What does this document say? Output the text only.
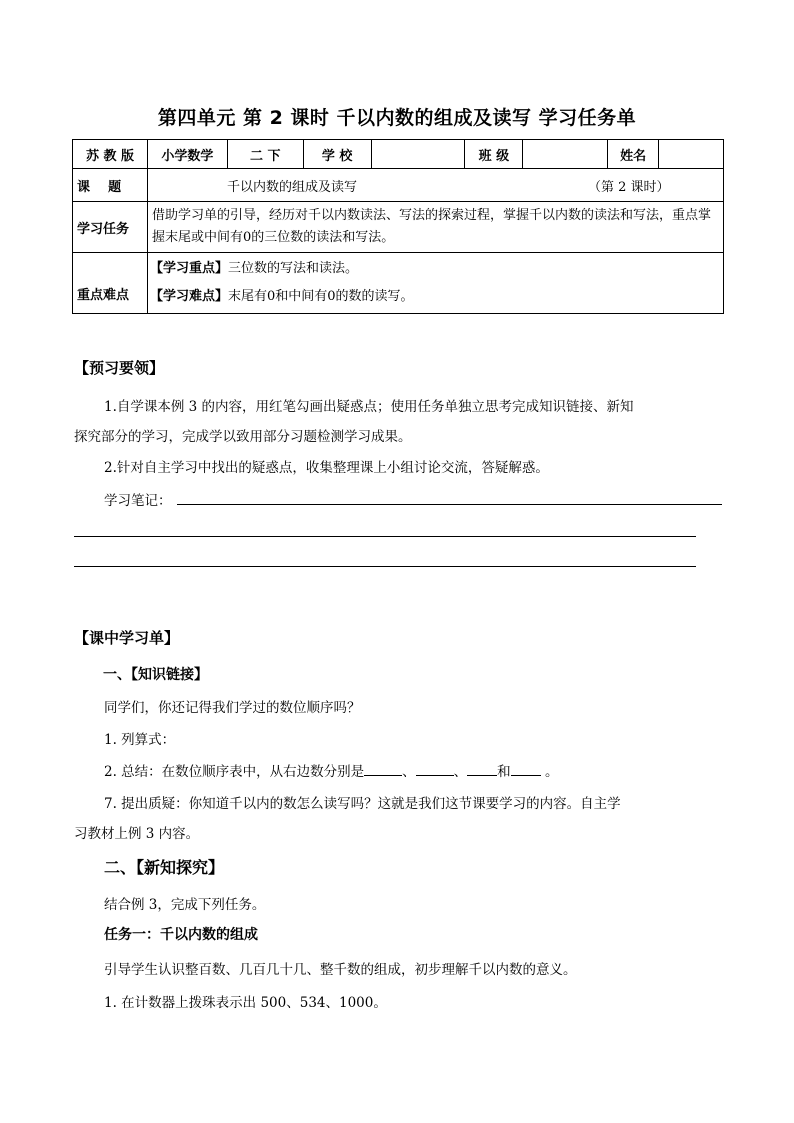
第四单元 第 2 课时 千以内数的组成及读写 学习任务单
苏 教 版	小学数学	二 下	学 校		班 级		姓名	
课    题	千以内数的组成及读写 （第 2 课时）							

学习任务	借助学习单的引导，经历对千以内数读法、写法的探索过程，掌握千以内数的读法和写法，重点掌握末尾或中间有0的三位数的读法和写法。							
重点难点	【学习重点】三位数的写法和读法。
【学习难点】末尾有0和中间有0的数的读写。							
【预习要领】
1.自学课本例 3 的内容，用红笔勾画出疑惑点；使用任务单独立思考完成知识链接、新知
探究部分的学习，完成学以致用部分习题检测学习成果。
2.针对自主学习中找出的疑惑点，收集整理课上小组讨论交流，答疑解惑。
学习笔记：
【课中学习单】
一、【知识链接】
同学们，你还记得我们学过的数位顺序吗？
1. 列算式：
2. 总结：在数位顺序表中，从右边数分别是	、	、 和 。
7. 提出质疑：你知道千以内的数怎么读写吗？这就是我们这节课要学习的内容。自主学
习教材上例 3 内容。
二、【新知探究】
结合例 3，完成下列任务。
任务一：千以内数的组成
引导学生认识整百数、几百几十几、整千数的组成，初步理解千以内数的意义。
1. 在计数器上拨珠表示出 500、534、1000。
